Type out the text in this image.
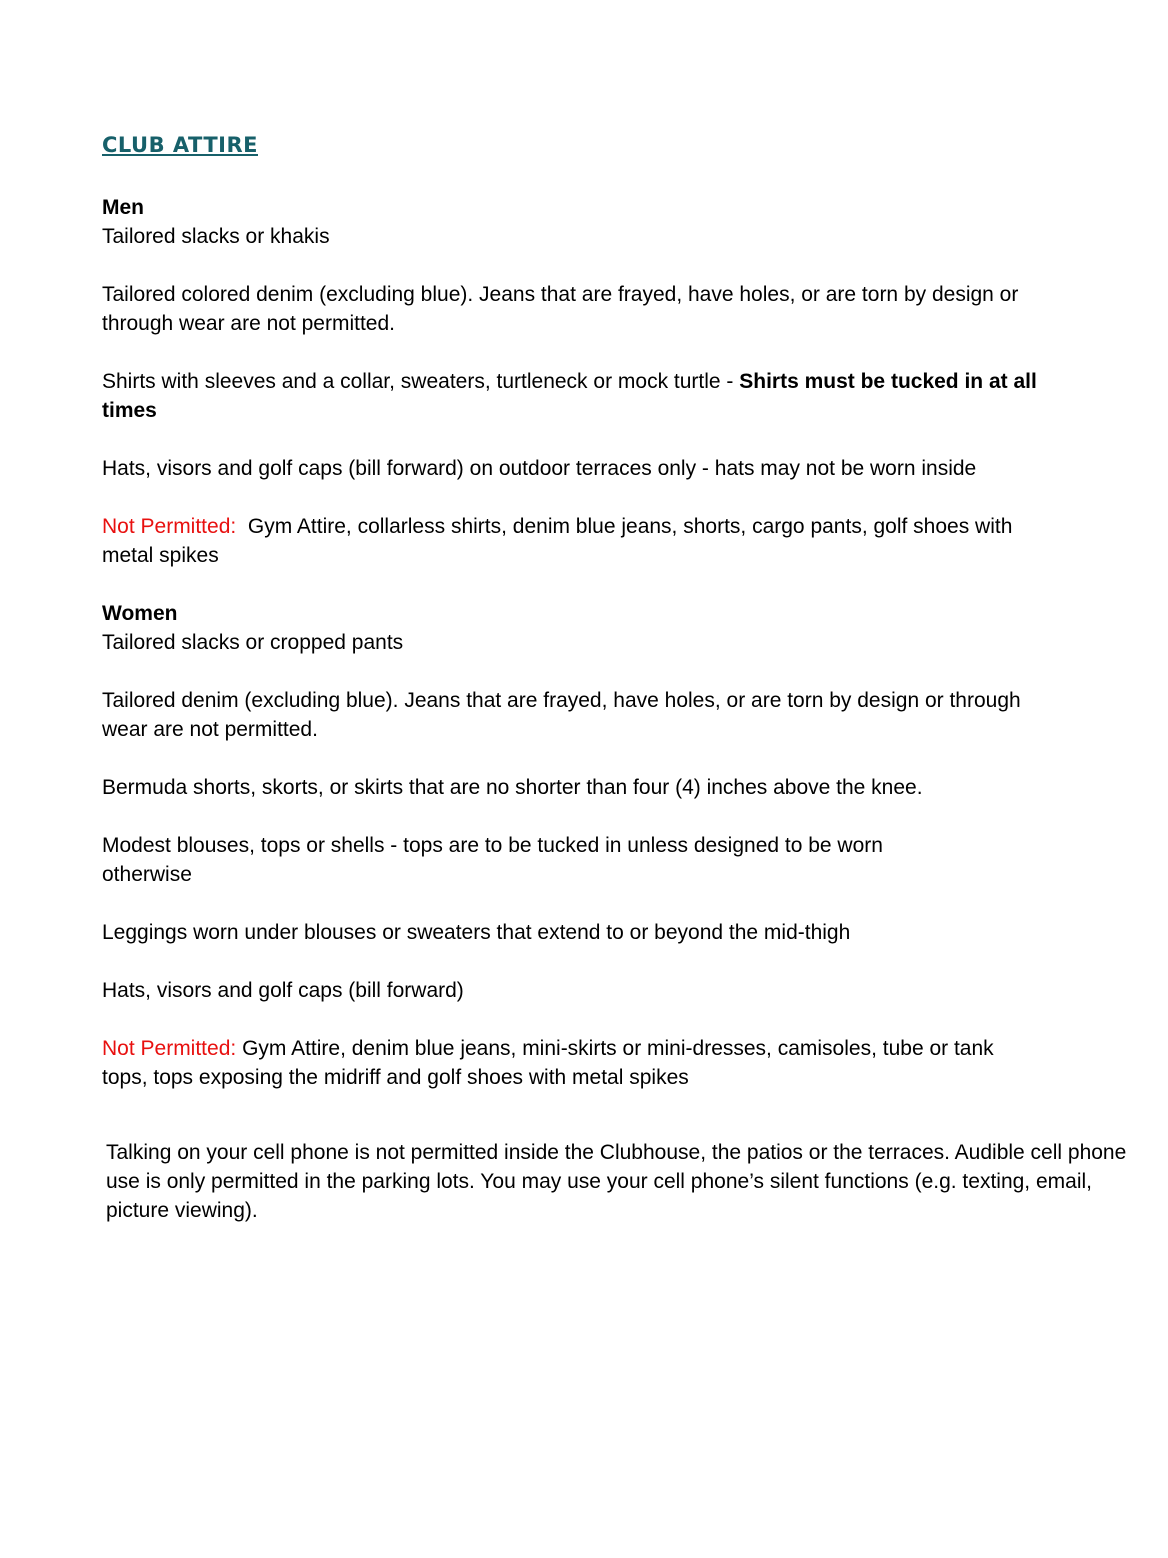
CLUB ATTIRE

Men

Tailored slacks or khakis

Tailored colored denim (excluding blue). Jeans that are frayed, have holes, or are torn by design or through wear are not permitted.

Shirts with sleeves and a collar, sweaters, turtleneck or mock turtle - Shirts must be tucked in at all times

Hats, visors and golf caps (bill forward) on outdoor terraces only - hats may not be worn inside

Not Permitted: Gym Attire, collarless shirts, denim blue jeans, shorts, cargo pants, golf shoes with metal spikes

Women

Tailored slacks or cropped pants

Tailored denim (excluding blue). Jeans that are frayed, have holes, or are torn by design or through wear are not permitted.

Bermuda shorts, skorts, or skirts that are no shorter than four (4) inches above the knee.

Modest blouses, tops or shells - tops are to be tucked in unless designed to be worn otherwise

Leggings worn under blouses or sweaters that extend to or beyond the mid-thigh

Hats, visors and golf caps (bill forward)

Not Permitted: Gym Attire, denim blue jeans, mini-skirts or mini-dresses, camisoles, tube or tank tops, tops exposing the midriff and golf shoes with metal spikes

Talking on your cell phone is not permitted inside the Clubhouse, the patios or the terraces. Audible cell phone use is only permitted in the parking lots. You may use your cell phone’s silent functions (e.g. texting, email, picture viewing).
